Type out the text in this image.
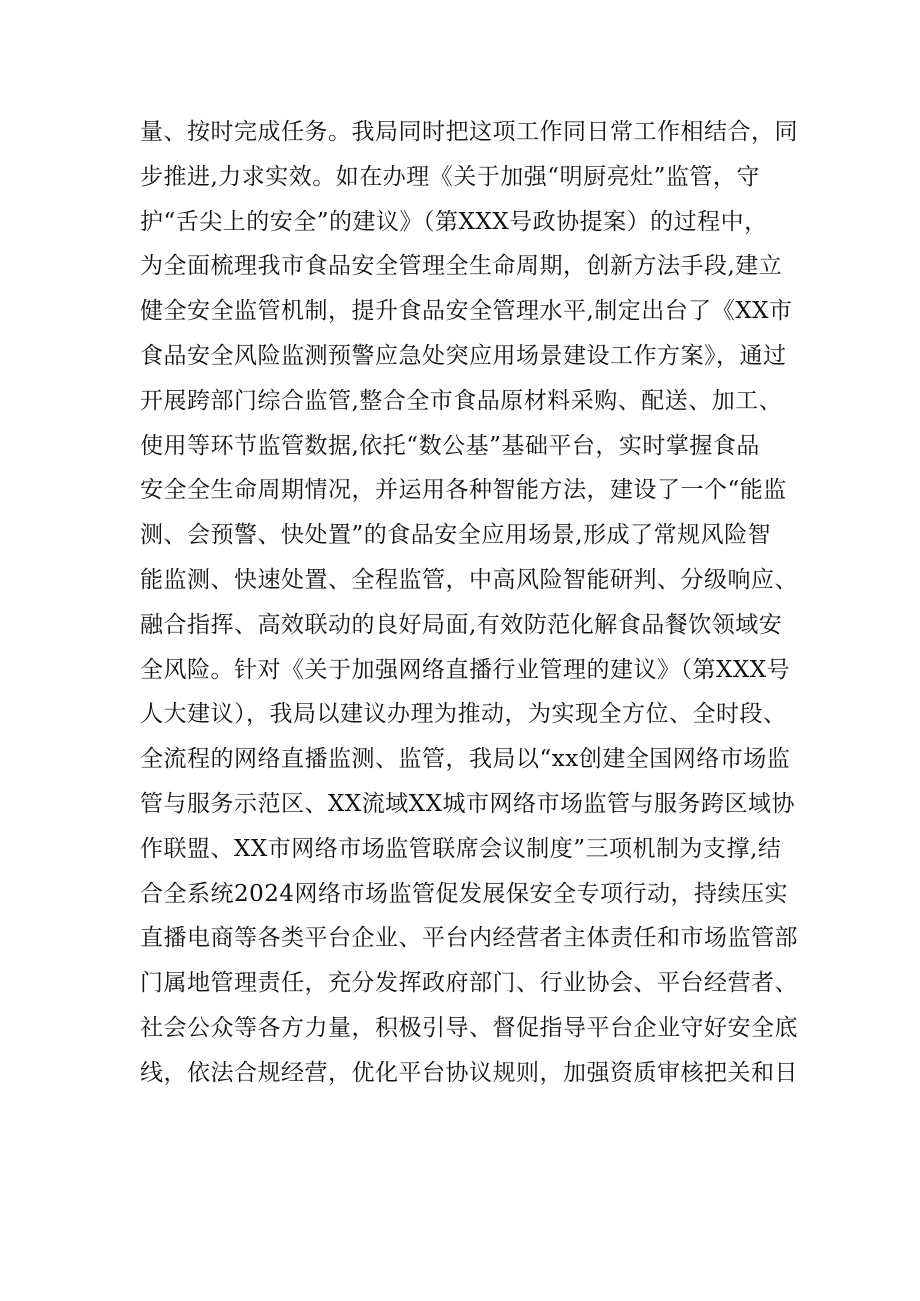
量、按时完成任务。我局同时把这项工作同日常工作相结合，同
步推进,力求实效。如在办理《关于加强“明厨亮灶”监管，守
护“舌尖上的安全”的建议》（第XXX号政协提案）的过程中，
为全面梳理我市食品安全管理全生命周期，创新方法手段,建立
健全安全监管机制，提升食品安全管理水平,制定出台了《XX市
食品安全风险监测预警应急处突应用场景建设工作方案》，通过
开展跨部门综合监管,整合全市食品原材料采购、配送、加工、
使用等环节监管数据,依托“数公基”基础平台，实时掌握食品
安全全生命周期情况，并运用各种智能方法，建设了一个“能监
测、会预警、快处置”的食品安全应用场景,形成了常规风险智
能监测、快速处置、全程监管，中高风险智能研判、分级响应、
融合指挥、高效联动的良好局面,有效防范化解食品餐饮领域安
全风险。针对《关于加强网络直播行业管理的建议》（第XXX号
人大建议），我局以建议办理为推动，为实现全方位、全时段、
全流程的网络直播监测、监管，我局以“xx创建全国网络市场监
管与服务示范区、XX流域XX城市网络市场监管与服务跨区域协
作联盟、XX市网络市场监管联席会议制度”三项机制为支撑,结
合全系统2024网络市场监管促发展保安全专项行动，持续压实
直播电商等各类平台企业、平台内经营者主体责任和市场监管部
门属地管理责任，充分发挥政府部门、行业协会、平台经营者、
社会公众等各方力量，积极引导、督促指导平台企业守好安全底
线，依法合规经营，优化平台协议规则，加强资质审核把关和日
